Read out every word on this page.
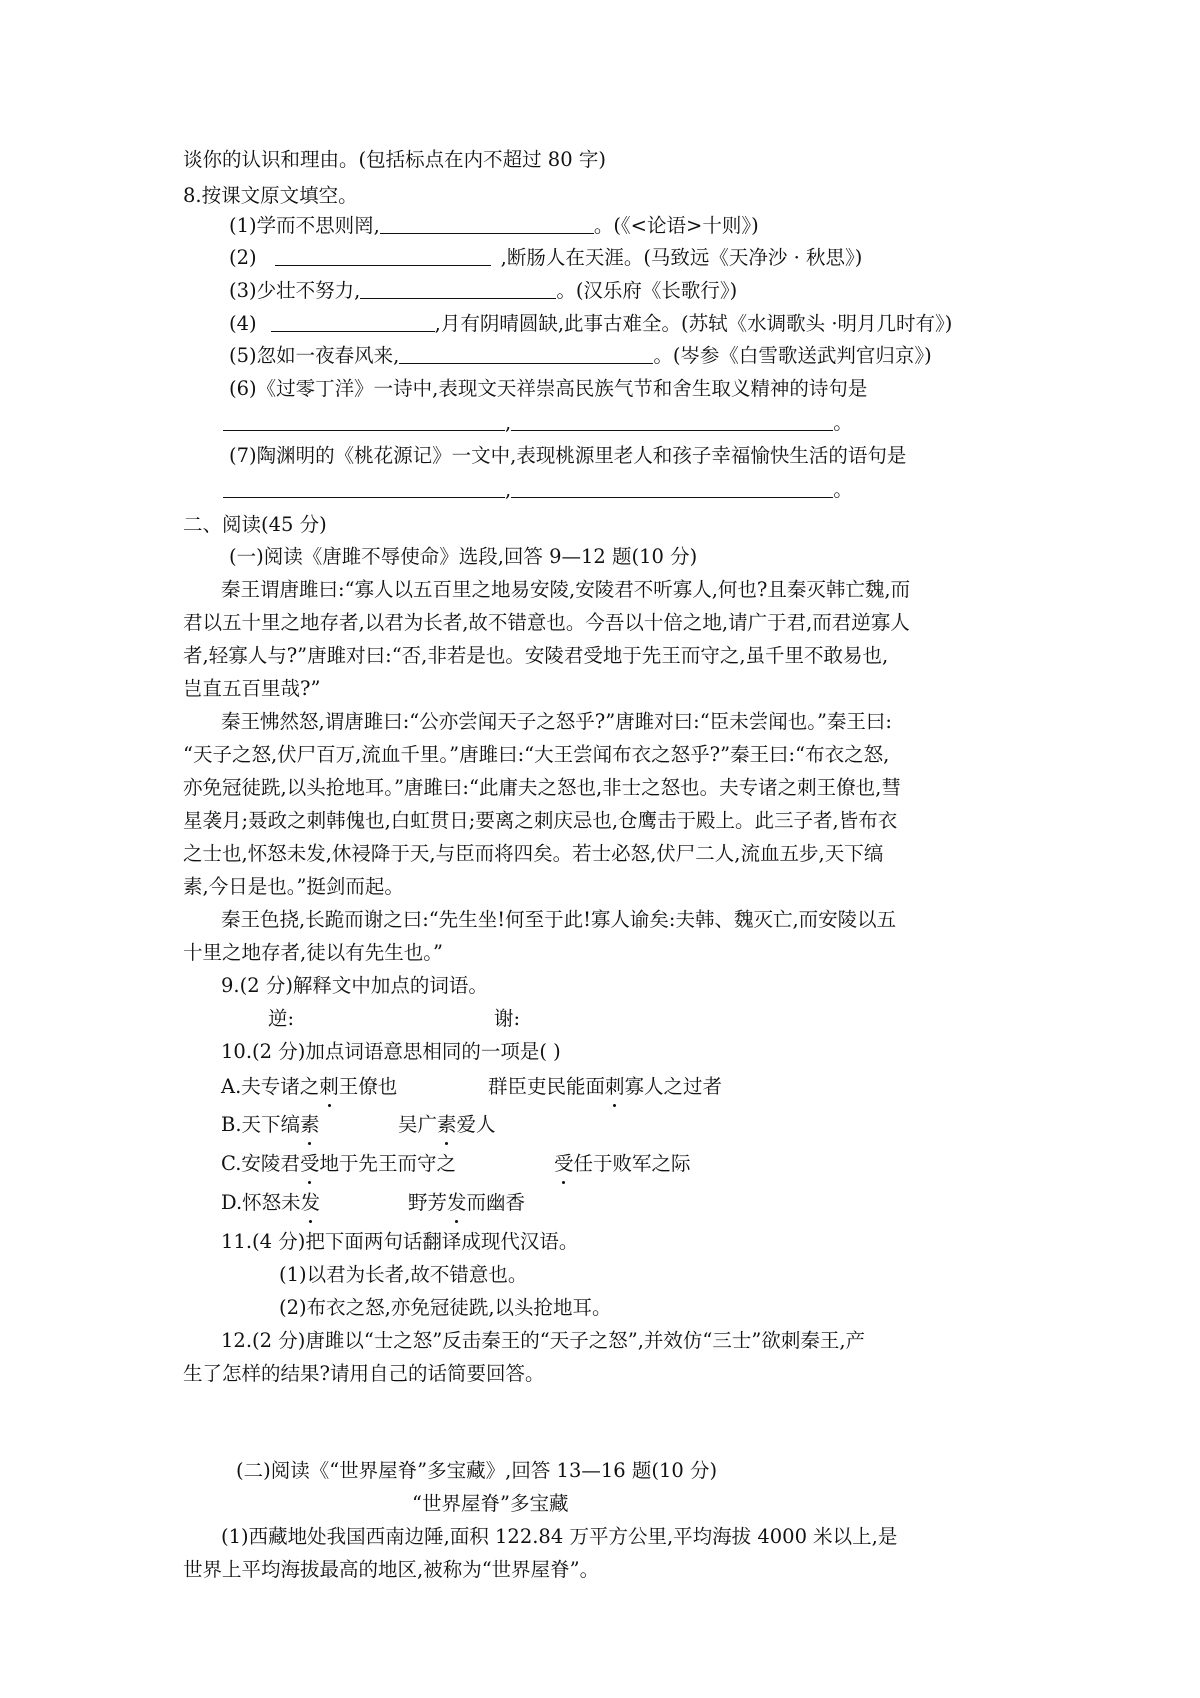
谈你的认识和理由。(包括标点在内不超过 80 字)
8.按课文原文填空。
(1)学而不思则罔,	。(《<论语>十则》)
(2)	,断肠人在天涯。(马致远《天净沙 · 秋思》)
(3)少壮不努力,	。(汉乐府《长歌行》)
(4)	,月有阴晴圆缺,此事古难全。(苏轼《水调歌头 ·明月几时有》)
(5)忽如一夜春风来,	。(岑参《白雪歌送武判官归京》)
(6)《过零丁洋》一诗中,表现文天祥崇高民族气节和舍生取义精神的诗句是
,	。
(7)陶渊明的《桃花源记》一文中,表现桃源里老人和孩子幸福愉快生活的语句是
,	。
二、阅读(45 分)
(一)阅读《唐雎不辱使命》选段,回答 9—12 题(10 分)
秦王谓唐雎曰:“寡人以五百里之地易安陵,安陵君不听寡人,何也?且秦灭韩亡魏,而
君以五十里之地存者,以君为长者,故不错意也。今吾以十倍之地,请广于君,而君逆寡人
者,轻寡人与?”唐雎对曰:“否,非若是也。安陵君受地于先王而守之,虽千里不敢易也,
岂直五百里哉?”
秦王怫然怒,谓唐雎曰:“公亦尝闻天子之怒乎?”唐雎对曰:“臣未尝闻也。”秦王曰:
“天子之怒,伏尸百万,流血千里。”唐雎曰:“大王尝闻布衣之怒乎?”秦王曰:“布衣之怒,
亦免冠徒跣,以头抢地耳。”唐雎曰:“此庸夫之怒也,非士之怒也。夫专诸之刺王僚也,彗
星袭月;聂政之刺韩傀也,白虹贯日;要离之刺庆忌也,仓鹰击于殿上。此三子者,皆布衣
之士也,怀怒未发,休祲降于天,与臣而将四矣。若士必怒,伏尸二人,流血五步,天下缟
素,今日是也。”挺剑而起。
秦王色挠,长跪而谢之曰:“先生坐!何至于此!寡人谕矣:夫韩、魏灭亡,而安陵以五
十里之地存者,徒以有先生也。”
9.(2 分)解释文中加点的词语。
逆:	谢:
10.(2 分)加点词语意思相同的一项是( )
A.夫专诸之刺王僚也	群臣吏民能面刺寡人之过者
B.天下缟素	吴广素爱人
C.安陵君受地于先王而守之	受任于败军之际
D.怀怒未发	野芳发而幽香
11.(4 分)把下面两句话翻译成现代汉语。
(1)以君为长者,故不错意也。
(2)布衣之怒,亦免冠徒跣,以头抢地耳。
12.(2 分)唐雎以“士之怒”反击秦王的“天子之怒”,并效仿“三士”欲刺秦王,产
生了怎样的结果?请用自己的话简要回答。
(二)阅读《“世界屋脊”多宝藏》,回答 13—16 题(10 分)
“世界屋脊”多宝藏
(1)西藏地处我国西南边陲,面积 122.84 万平方公里,平均海拔 4000 米以上,是
世界上平均海拔最高的地区,被称为“世界屋脊”。
